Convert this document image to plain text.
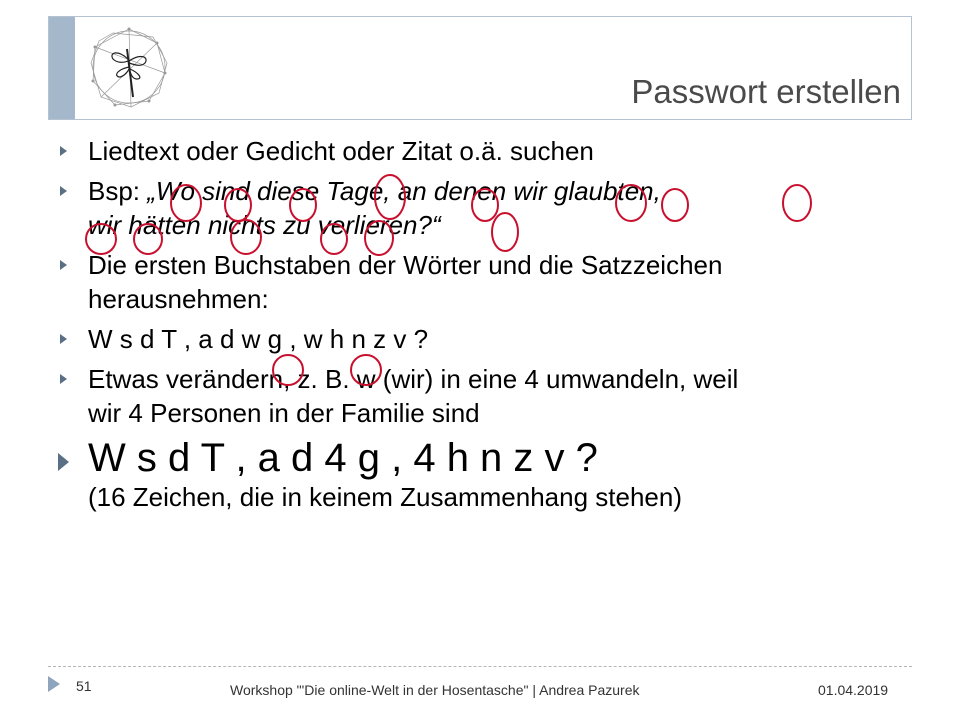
Passwort erstellen
Liedtext oder Gedicht oder Zitat o.ä. suchen
Bsp: „Wo sind diese Tage, an denen wir glaubten,
wir hätten nichts zu verlieren?“
Die ersten Buchstaben der Wörter und die Satzzeichen
herausnehmen:
W s d T , a d w g , w h n z v ?
Etwas verändern, z. B. w (wir) in eine 4 umwandeln, weil
wir 4 Personen in der Familie sind
W s d T , a d 4 g , 4 h n z v ?
(16 Zeichen, die in keinem Zusammenhang stehen)
51	Workshop "'Die online-Welt in der Hosentasche" | Andrea Pazurek	01.04.2019
